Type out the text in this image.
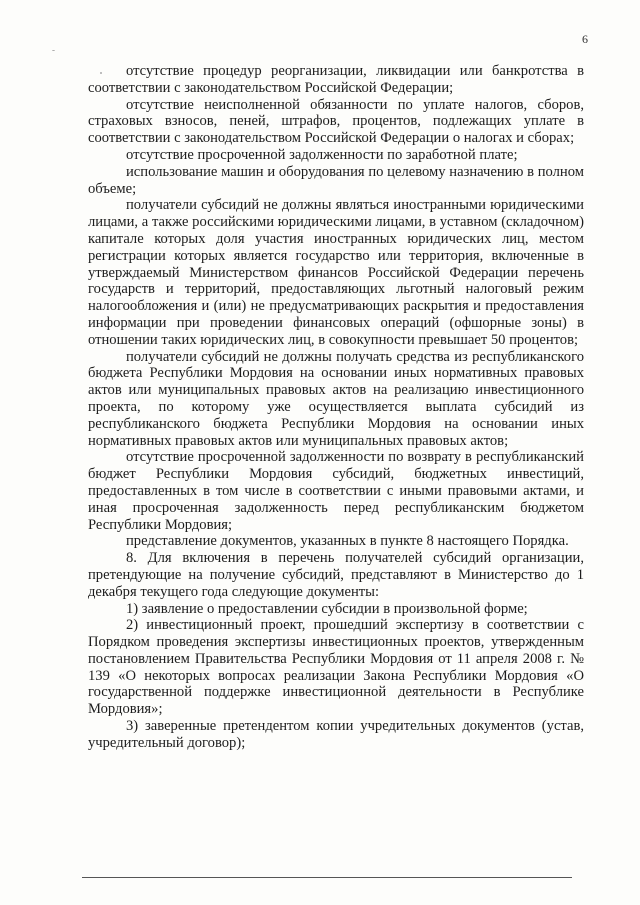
6

отсутствие процедур реорганизации, ликвидации или банкротства в соответствии с законодательством Российской Федерации;

отсутствие неисполненной обязанности по уплате налогов, сборов, страховых взносов, пеней, штрафов, процентов, подлежащих уплате в соответствии с законодательством Российской Федерации о налогах и сборах;

отсутствие просроченной задолженности по заработной плате;

использование машин и оборудования по целевому назначению в полном объеме;

получатели субсидий не должны являться иностранными юридическими лицами, а также российскими юридическими лицами, в уставном (складочном) капитале которых доля участия иностранных юридических лиц, местом регистрации которых является государство или территория, включенные в утверждаемый Министерством финансов Российской Федерации перечень государств и территорий, предоставляющих льготный налоговый режим налогообложения и (или) не предусматривающих раскрытия и предоставления информации при проведении финансовых операций (офшорные зоны) в отношении таких юридических лиц, в совокупности превышает 50 процентов;

получатели субсидий не должны получать средства из республиканского бюджета Республики Мордовия на основании иных нормативных правовых актов или муниципальных правовых актов на реализацию инвестиционного проекта, по которому уже осуществляется выплата субсидий из республиканского бюджета Республики Мордовия на основании иных нормативных правовых актов или муниципальных правовых актов;

отсутствие просроченной задолженности по возврату в республиканский бюджет Республики Мордовия субсидий, бюджетных инвестиций, предоставленных в том числе в соответствии с иными правовыми актами, и иная просроченная задолженность перед республиканским бюджетом Республики Мордовия;

представление документов, указанных в пункте 8 настоящего Порядка.

8. Для включения в перечень получателей субсидий организации, претендующие на получение субсидий, представляют в Министерство до 1 декабря текущего года следующие документы:

1) заявление о предоставлении субсидии в произвольной форме;

2) инвестиционный проект, прошедший экспертизу в соответствии с Порядком проведения экспертизы инвестиционных проектов, утвержденным постановлением Правительства Республики Мордовия от 11 апреля 2008 г. № 139 «О некоторых вопросах реализации Закона Республики Мордовия «О государственной поддержке инвестиционной деятельности в Республике Мордовия»;

3) заверенные претендентом копии учредительных документов (устав, учредительный договор);
